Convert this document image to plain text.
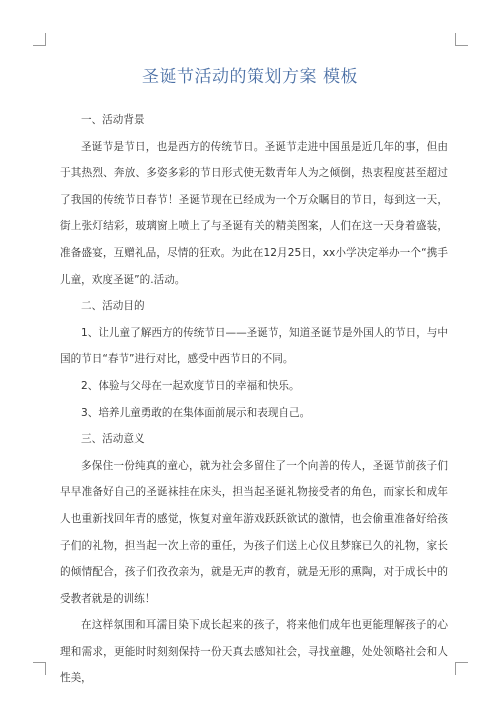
圣诞节活动的策划方案 模板

一、活动背景

圣诞节是节日，也是西方的传统节日。圣诞节走进中国虽是近几年的事，但由于其热烈、奔放、多姿多彩的节日形式使无数青年人为之倾倒，热衷程度甚至超过了我国的传统节日春节！圣诞节现在已经成为一个万众瞩目的节日，每到这一天，街上张灯结彩，玻璃窗上喷上了与圣诞有关的精美图案，人们在这一天身着盛装，准备盛宴，互赠礼品，尽情的狂欢。为此在12月25日，xx小学决定举办一个“携手儿童，欢度圣诞”的.活动。

二、活动目的

1、让儿童了解西方的传统节日——圣诞节，知道圣诞节是外国人的节日，与中国的节日“春节”进行对比，感受中西节日的不同。

2、体验与父母在一起欢度节日的幸福和快乐。

3、培养儿童勇敢的在集体面前展示和表现自己。

三、活动意义

多保住一份纯真的童心，就为社会多留住了一个向善的传人，圣诞节前孩子们早早准备好自己的圣诞袜挂在床头，担当起圣诞礼物接受者的角色，而家长和成年人也重新找回年青的感觉，恢复对童年游戏跃跃欲试的激情，也会偷重准备好给孩子们的礼物，担当起一次上帝的重任，为孩子们送上心仪且梦寐已久的礼物，家长的倾情配合，孩子们孜孜亲为，就是无声的教育，就是无形的熏陶，对于成长中的受教者就是的训练！

在这样氛围和耳濡目染下成长起来的孩子，将来他们成年也更能理解孩子的心理和需求，更能时时刻刻保持一份天真去感知社会，寻找童趣，处处领略社会和人性美，
